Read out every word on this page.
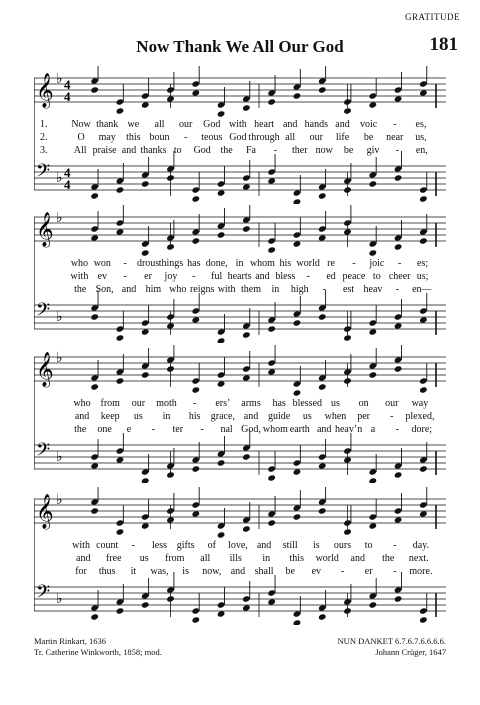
GRATITUDE
Now Thank We All Our God	181
𝄞 ♭ 4
4
𝄢 ♭ 4
4
1. Now thank we all our God with heart and hands and voic - es,
2.	O may this boun - teous God through all our life be near us,
3.	All praise and thanks to God the Fa - ther now be giv - en,
𝄞 ♭
𝄢 ♭
who won - drous things has done, in whom his world re - joic - es;
with ev - er joy - ful hearts and bless - ed peace to cheer us;
the Son, and him who reigns with them in high - est heav - en—
𝄞 ♭
𝄢 ♭
who from our moth - ers’ arms has blessed us on our way
and keep us in his grace, and guide us when per - plexed,
the one e - ter - nal God, whom earth and heav’n a - dore;
𝄞 ♭
𝄢 ♭
with count - less gifts of love, and still is ours to - day.
and free us from all ills in this world and the next.
for thus it was, is now, and shall be ev - er - more.
Martin Rinkart, 1636
Tr. Catherine Winkworth, 1858; mod.
NUN DANKET 6.7.6.7.6.6.6.6.
Johann Crüger, 1647
